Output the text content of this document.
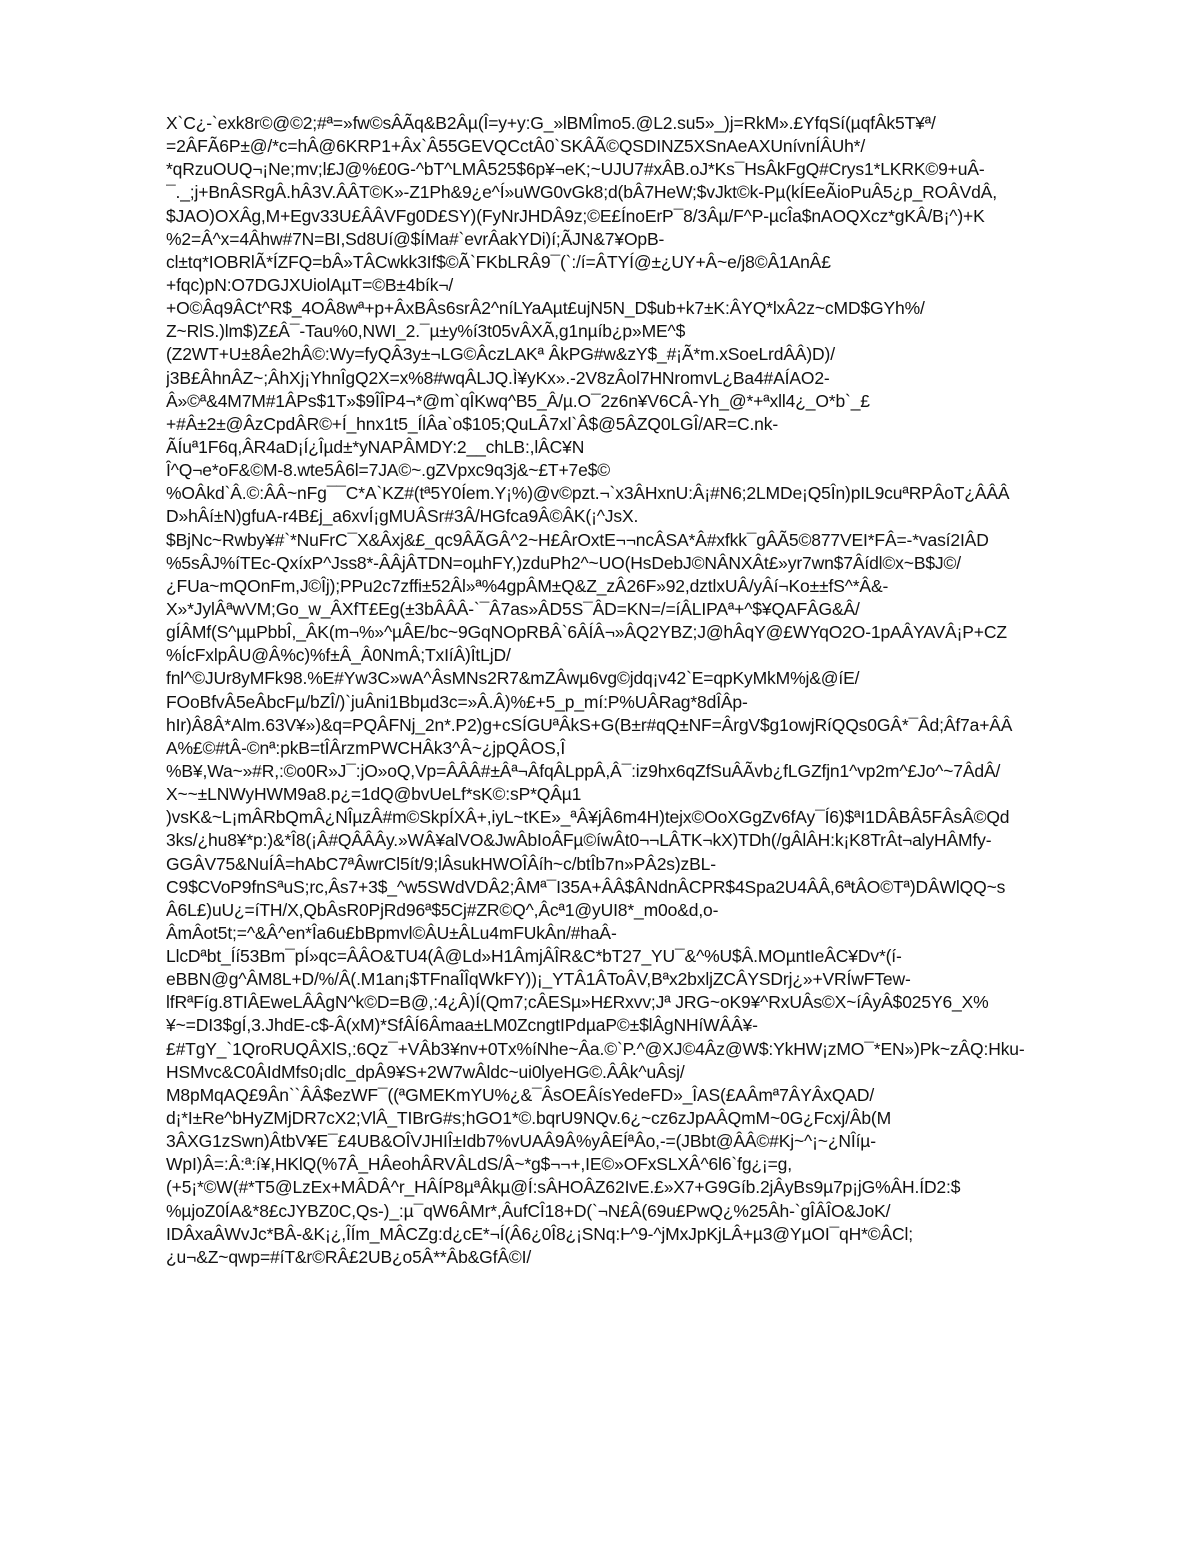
X`C¿-`exk8r©@©2;#ª=»fw©sÂÃq&B2Âµ(Î=y+y:G_»lBMÎmo5.@L2.su5»_)j=RkM».£YfqSí(µqfÂk5T¥ª/
=2ÂFÃ6P±@/*c=hÂ@6KRP1+Âx`Â55GEVQCctÂ0`SKÂÃ©QSDINZ5XSnAeAXUnívnÍÂUh*/
*qRzuOUQ¬¡Ne;mv;l£J@%£0G-^bT^LMÂ525$6p¥¬eK;~UJU7#xÂB.oJ*Ks¯HsÂkFgQ#Crys1*LKRK©9+uÂ-
¯._;j+BnÂSRgÂ.hÂ3V.ÂÂT©K»-Z1Ph&9¿e^Í»uWG0vGk8;d(bÂ7HeW;$vJkt©k-Pµ(kÍEeÃioPuÂ5¿p_ROÂVdÂ,
$JAO)OXÂg,M+Egv33U£ÂÂVFg0D£SY)(FyNrJHDÂ9z;©E£ÍnoErP¯8/3Âµ/F^P-µcÎa$nAOQXcz*gKÂ/B¡^)+K
%2=Â^x=4Âhw#7N=BI,Sd8Uí@$ÍMa#`evrÂakYDi)í;ÃJN&7¥OpB-
cl±tq*IOBRlÃ*ÍZFQ=bÂ»TÂCwkk3If$©Ã`FKbLRÂ9¯(`:/í=ÂTYÍ@±¿UY+Â~e/j8©Â1AnÂ£
+fqc)pN:O7DGJXUiolAµT=©B±4bík¬/
+O©Âq9ÂCt^R$_4OÂ8wª+p+ÂxBÂs6srÂ2^níLYaAµt£ujN5N_D$ub+k7±K:ÂYQ*lxÂ2z~cMD$GYh%/
Z~RlS.)lm$)Z£Â¯-Tau%0,NWI_2.¯µ±y%í3t05vÂXÃ,g1nµíb¿p»ME^$
(Z2WT+U±8Âe2hÂ©:Wy=fyQÂ3y±¬LG©ÂczLAKª ÂkPG#w&zY$_#¡Ã*m.xSoeLrdÂÂ)D)/
j3B£ÂhnÂZ~;ÂhXj¡YhnÎgQ2X=x%8#wqÂLJQ.Ì¥yKx».-2V8zÂol7HNromvL¿Ba4#AÍAO2-
Â»©ª&4M7M#1ÂPs$1T»$9ÎÎP4¬*@m`qÎKwq^B5_Â/µ.O¯2z6n¥V6CÂ-Yh_@*+ªxll4¿_O*b`_£
+#Â±2±@ÂzCpdÂR©+Í_hnx1t5_ÍlÂa`o$105;QuLÂ7xl`Â$@5ÂZQ0LGÎ/AR=C.nk-
ÃÍuª1F6q,ÂR4aD¡Í¿Îµd±*yNAPÂMDY:2__chLB:,lÂC¥N
Î^Q¬e*oF&©M-8.wte5Â6l=7JA©~.gZVpxc9q3j&~£T+7e$©
%OÂkd`Â.©:ÂÂ~nFg¯¯C*A`KZ#(tª5Y0Íem.Y¡%)@v©pzt.¬`x3ÂHxnU:Â¡#N6;2LMDe¡Q5În)pIL9cuªRPÂoT¿ÂÂÂ
D»hÂí±N)gfuA-r4B£j_a6xvÍ¡gMUÂSr#3Â/HGfca9Â©ÂK(¡^JsX.
$BjNc~Rwby¥#`*NuFrC¯X&Âxj&£_qc9ÂÃGÂ^2~H£ÂrOxtE¬¬ncÂSA*Â#xfkk¯gÂÃ5©877VEI*FÂ=-*vasí2IÂD
%5sÂJ%íTEc-QxíxP^Jss8*-ÂÂjÂTDN=oµhFY,)zduPh2^~UO(HsDebJ©NÂNXÂt£»yr7wn$7Âídl©x~B$J©/
¿FUa~mQOnFm,J©Îj);PPu2c7zffi±52Âl»ª%4gpÂM±Q&Z_zÂ26F»92,dztlxUÂ/yÂí¬Ko±±fS^*Â&-
X»*JylÂªwVM;Go_w_ÂXfT£Eg(±3bÂÂÂ-`¯Â7as»ÂD5S¯ÂD=KN=/=íÂLIPAª+^$¥QAFÂG&Â/
gÍÂMf(S^µµPbbÎ,_ÂK(m¬%»^µÂE/bc~9GqNOpRBÂ`6ÂÍÂ¬»ÂQ2YBZ;J@hÂqY@£WYqO2O-1pAÂYAVÂ¡P+CZ
%ÍcFxlpÂU@Â%c)%f±Â_Â0NmÂ;TxIíÂ)ÎtLjD/
fnl^©JUr8yMFk98.%E#Yw3C»wA^ÂsMNs2R7&mZÂwµ6vg©jdq¡v42`E=qpKyMkM%j&@íE/
FOoBfvÂ5eÂbcFµ/bZÎ/)`juÂni1Bbµd3c=»Â.Â)%£+5_p_mí:P%UÂRag*8dÎÂp-
hIr)Â8Â*Alm.63V¥»)&q=PQÂFNj_2n*.P2)g+cSÍGUªÂkS+G(B±r#qQ±NF=ÂrgV$g1owjRíQQs0GÂ*¯Âd;Âf7a+ÂÂ
A%£©#tÂ-©nª:pkB=tÎÂrzmPWCHÂk3^Â~¿jpQÂOS,Î
%B¥,Wa~»#R,:©o0R»J¯:jO»oQ,Vp=ÂÂÂ#±Âª¬ÂfqÂLppÂ,Â¯:iz9hx6qZfSuÂÃvb¿fLGZfjn1^vp2m^£Jo^~7ÂdÂ/
X~~±LNWyHWM9a8.p¿=1dQ@bvUeLf*sK©:sP*QÂµ1
)vsK&~L¡mÂRbQmÂ¿NÎµzÂ#m©SkpÍXÂ+,iyL~tKE»_ªÂ¥jÂ6m4H)tejx©OoXGgZv6fAy¯Í6)$ªI1DÂBÂ5FÂsÂ©Qd
3ks/¿hu8¥*p:)&*Î8(¡Â#QÂÂÂy.»WÂ¥alVO&JwÂbIoÂFµ©íwÂt0¬¬LÂTK¬kX)TDh(/gÂlÂH:k¡K8TrÂt¬alyHÂMfy-
GGÂV75&NuÍÂ=hAbC7ªÂwrCl5ít/9;lÂsukHWOÎÂíh~c/btÎb7n»PÂ2s)zBL-
C9$CVoP9fnSªuS;rc,Âs7+3$_^w5SWdVDÂ2;ÂMª¯I35A+ÂÂ$ÂNdnÂCPR$4Spa2U4ÂÂ,6ªtÂO©Tª)DÂWlQQ~s
Â6L£)uU¿=íTH/X,QbÂsR0PjRd96ª$5Cj#ZR©Q^,Âcª1@yUI8*_m0o&d,o-
ÂmÂot5t;=^&Â^en*Îa6u£bBpmvl©ÂU±ÂLu4mFUkÂn/#haÂ-
LlcDªbt_Íí53Bm¯pÍ»qc=ÂÂO&TU4(Â@Ld»H1ÂmjÂÎR&C*bT27_YU¯&^%U$Â.MOµntIeÂC¥Dv*(í-
eBBN@g^ÂM8L+D/%/Â(.M1an¡$TFnaÎÎqWkFY))¡_YTÂ1ÂToÂV,Bªx2bxljZCÂYSDrj¿»+VRÍwFTew-
lfRªFíg.8TIÂEweLÂÂgN^k©D=B@,:4¿Â)Í(Qm7;cÂESµ»H£Rxvv;Jª JRG~oK9¥^RxUÂs©X~íÂyÂ$025Y6_X%
¥~=DI3$gÍ,3.JhdE-c$-Â(xM)*SfÂÍ6Âmaa±LM0ZcngtIPdµaP©±$lÂgNHíWÂÂ¥-
£#TgY_`1QroRUQÂXlS,:6Qz¯+VÂb3¥nv+0Tx%íNhe~Âa.©`P.^@XJ©4Âz@W$:YkHW¡zMO¯*EN»)Pk~zÂQ:Hku-
HSMvc&C0ÂIdMfs0¡dlc_dpÂ9¥S+2W7wÂldc~ui0lyeHG©.ÂÂk^uÂsj/
M8pMqAQ£9Ân``ÂÂ$ezWF¯((ªGMEKmYU%¿&¯ÂsOEÂísYedeFD»_ÎAS(£AÂmª7ÂYÂxQAD/
d¡*I±Re^bHyZMjDR7cX2;VlÂ_TIBrG#s;hGO1*©.bqrU9NQv.6¿~cz6zJpAÂQmM~0G¿Fcxj/Âb(M
3ÂXG1zSwn)ÂtbV¥E¯£4UB&OÎVJHIÎ±Idb7%vUAÂ9Â%yÂEÍªÂo,-=(JBbt@ÂÂ©#Kj~^¡~¿NÎíµ-
WpI)Â=:Â:ª:í¥,HKlQ(%7Â_HÂeohÂRVÂLdS/Â~*g$¬¬+,IE©»OFxSLXÂ^6l6`fg¿¡=g,
(+5¡*©W(#*T5@LzEx+MÂDÂ^r_HÂÍP8µªÂkµ@Í:sÂHOÂZ62IvE.£»X7+G9Gíb.2jÂyBs9µ7p¡jG%ÂH.ÍD2:$
%µjoZ0ÍA&*8£cJYBZ0C,Qs-)_:µ¯qW6ÂMr*,ÂufCÎ18+D(`¬N£Â(69u£PwQ¿%25Âh-`gÎÂÎO&JoK/
IDÂxaÂWvJc*BÂ-&K¡¿,ÎÍm_MÂCZg:d¿cE*¬Í(Â6¿0Î8¿¡SNq:Ⱶ^9-^jMxJpKjLÂ+µ3@YµOI¯qH*©ÂCl;
¿u¬&Z~qwp=#íT&r©RÂ£2UB¿o5Â**Âb&GfÂ©I/
